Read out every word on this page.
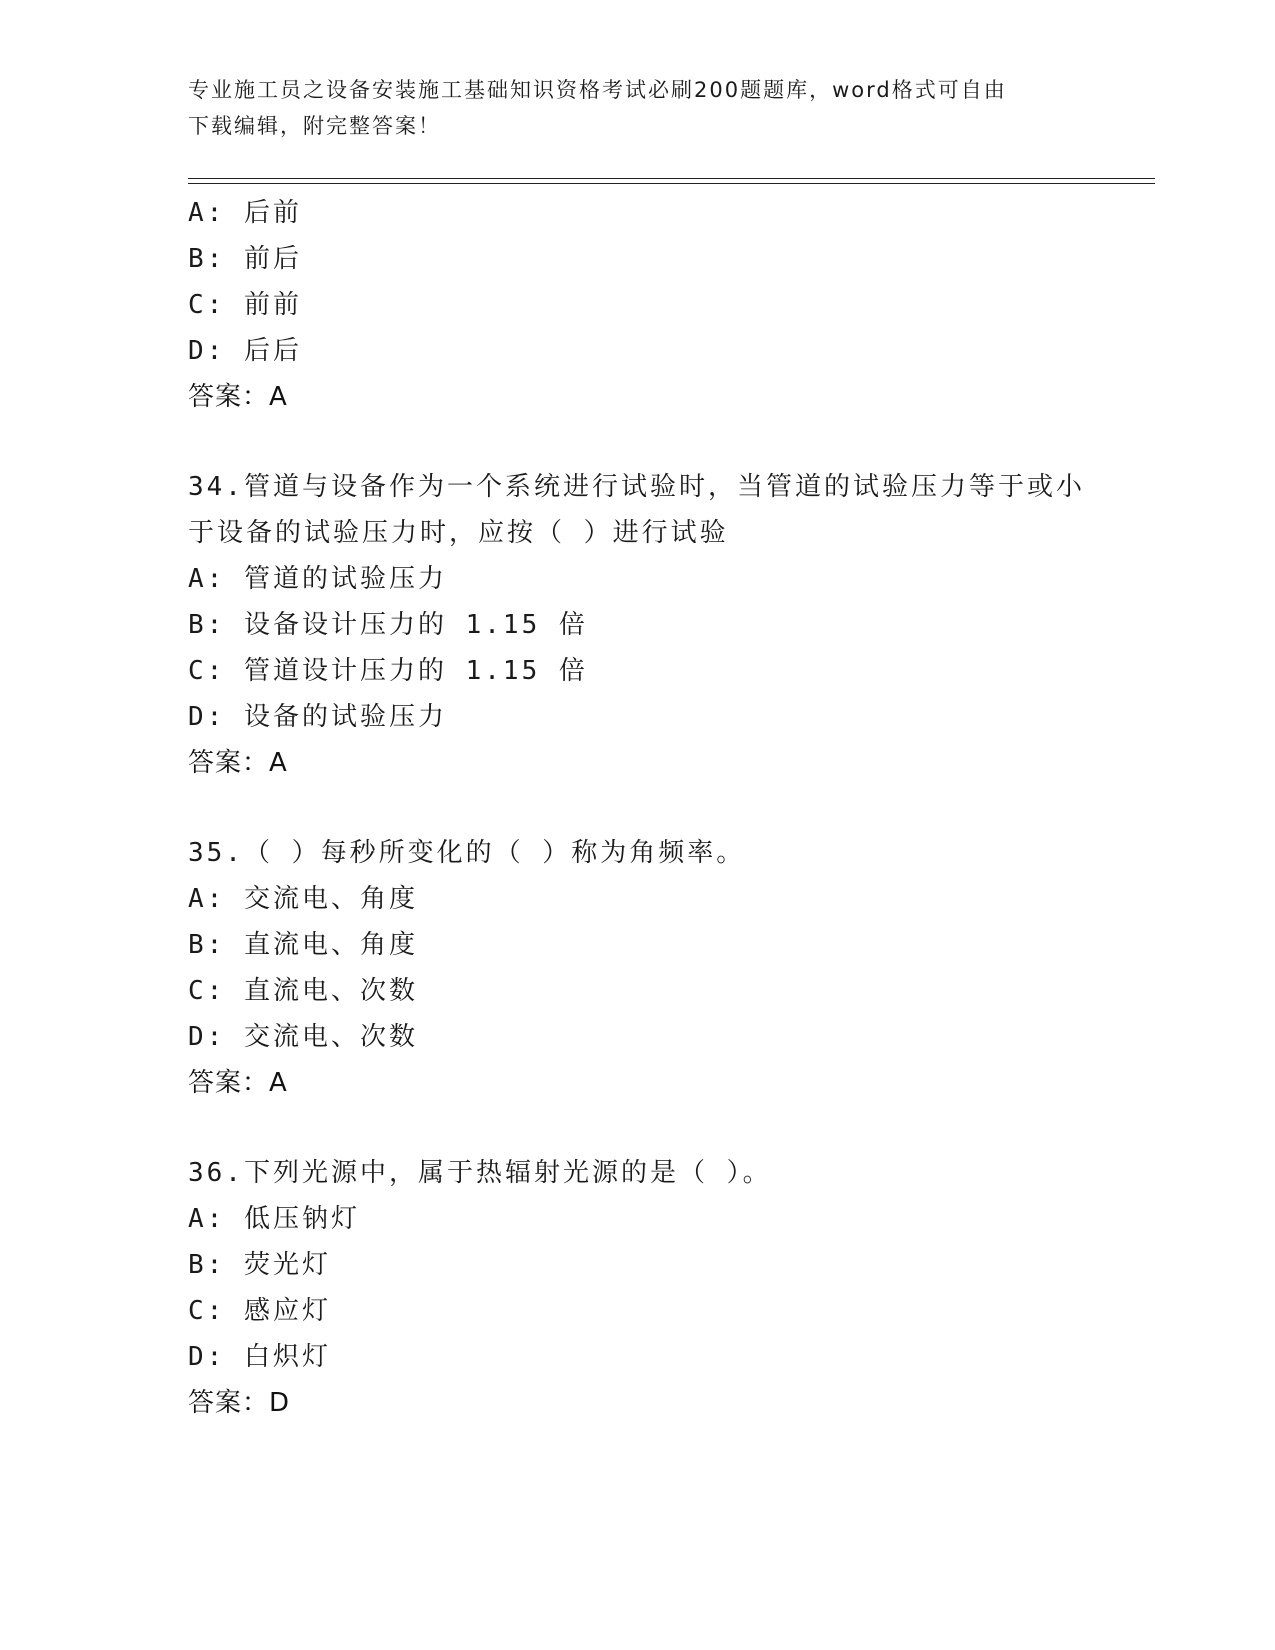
专业施工员之设备安装施工基础知识资格考试必刷200题题库，word格式可自由
下载编辑，附完整答案！
A: 后前
B: 前后
C: 前前
D: 后后
答案：A
34.管道与设备作为一个系统进行试验时，当管道的试验压力等于或小
于设备的试验压力时，应按（ ）进行试验
A: 管道的试验压力
B: 设备设计压力的 1.15 倍
C: 管道设计压力的 1.15 倍
D: 设备的试验压力
答案：A
35.（ ）每秒所变化的（ ）称为角频率。
A: 交流电、角度
B: 直流电、角度
C: 直流电、次数
D: 交流电、次数
答案：A
36.下列光源中，属于热辐射光源的是（ ）。
A: 低压钠灯
B: 荧光灯
C: 感应灯
D: 白炽灯
答案：D
